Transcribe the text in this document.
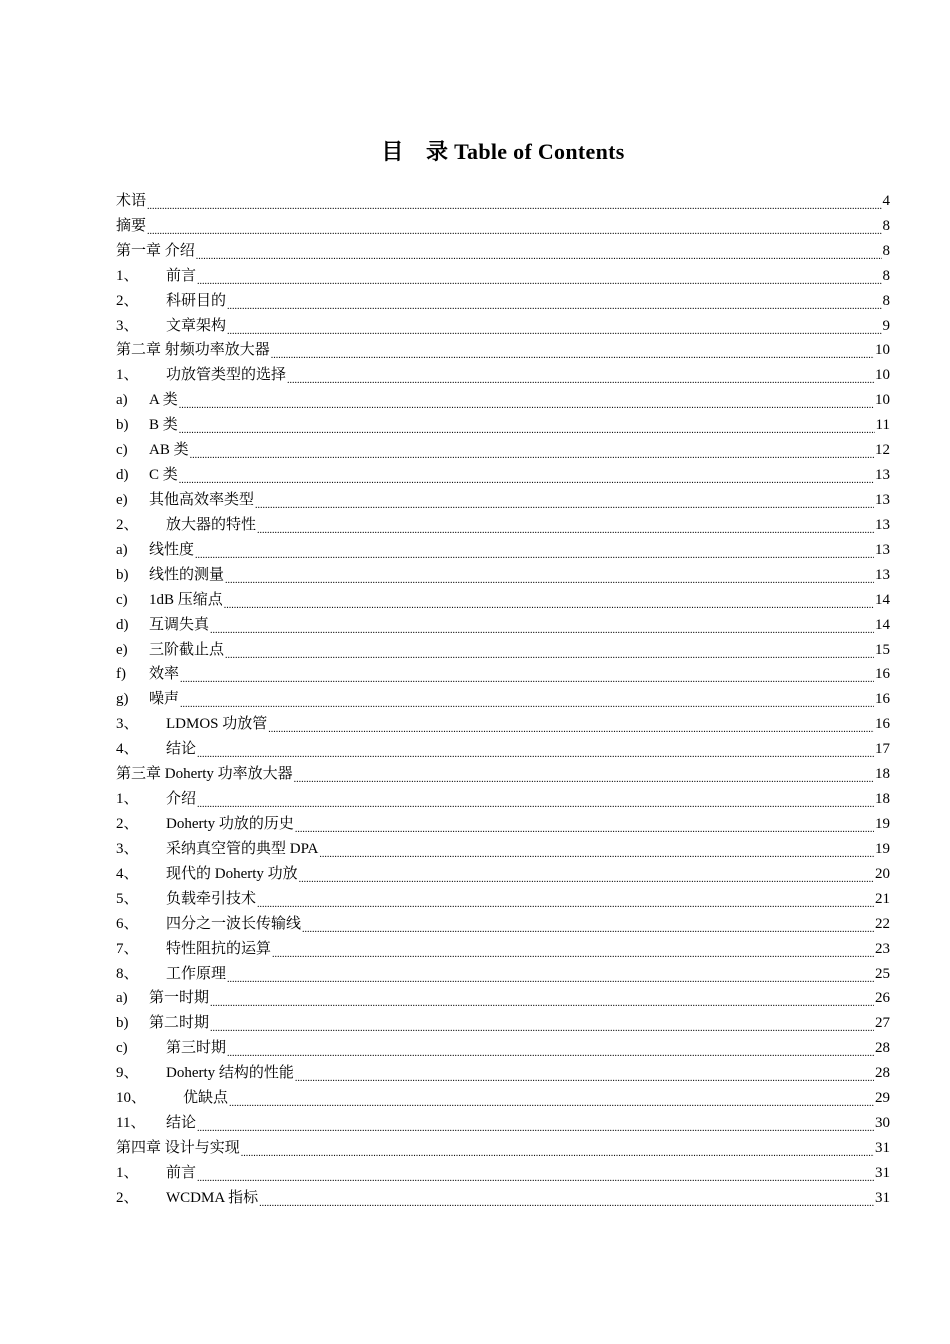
目　录 Table of Contents
术语 .....	4
摘要 .....	8
第一章 介绍 .....	8
1、	前言 .....	8
2、	科研目的 .....	8
3、	文章架构 .....	9
第二章 射频功率放大器 .....	10
1、	功放管类型的选择 .....	10
a)	A 类 .....	10
b)	B 类 .....	11
c)	AB 类 .....	12
d)	C 类 .....	13
e)	其他高效率类型 .....	13
2、	放大器的特性 .....	13
a)	线性度 .....	13
b)	线性的测量 .....	13
c)	1dB 压缩点 .....	14
d)	互调失真 .....	14
e)	三阶截止点 .....	15
f)	效率 .....	16
g)	噪声 .....	16
3、	LDMOS 功放管 .....	16
4、	结论 .....	17
第三章 Doherty 功率放大器 .....	18
1、	介绍 .....	18
2、	Doherty 功放的历史 .....	19
3、	采纳真空管的典型 DPA .....	19
4、	现代的 Doherty 功放 .....	20
5、	负载牵引技术 .....	21
6、	四分之一波长传输线 .....	22
7、	特性阻抗的运算 .....	23
8、	工作原理 .....	25
a)	第一时期 .....	26
b)	第二时期 .....	27
c)	第三时期 .....	28
9、	Doherty 结构的性能 .....	28
10、	优缺点 .....	29
11、	结论 .....	30
第四章 设计与实现 .....	31
1、	前言 .....	31
2、	WCDMA 指标 .....	31
